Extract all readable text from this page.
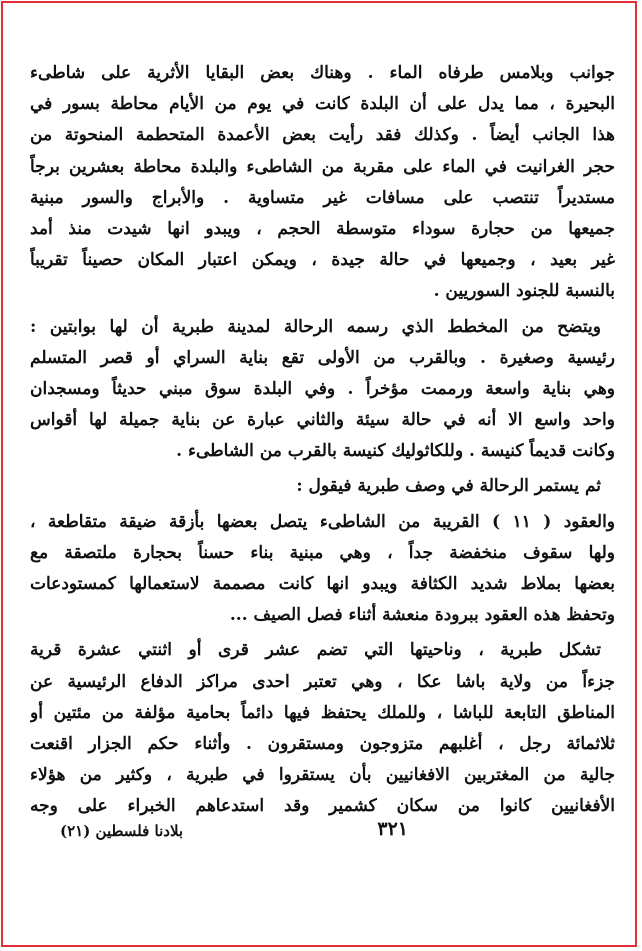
جوانب وبلامس طرفاه الماء . وهناك بعض البقايا الأثرية على شاطىء
البحيرة ، مما يدل على أن البلدة كانت في يوم من الأيام محاطة بسور في
هذا الجانب أيضاً . وكذلك فقد رأيت بعض الأعمدة المتحطمة المنحوتة من
حجر الغرانيت في الماء على مقربة من الشاطىء والبلدة محاطة بعشرين برجاً
مستديراً تنتصب على مسافات غير متساوية . والأبراج والسور مبنية
جميعها من حجارة سوداء متوسطة الحجم ، ويبدو انها شيدت منذ أمد
غير بعيد ، وجميعها في حالة جيدة ، ويمكن اعتبار المكان حصيناً تقريباً
بالنسبة للجنود السوريين .
ويتضح من المخطط الذي رسمه الرحالة لمدينة طبرية أن لها بوابتين :
رئيسية وصغيرة . وبالقرب من الأولى تقع بناية السراي أو قصر المتسلم
وهي بناية واسعة ورممت مؤخراً . وفي البلدة سوق مبني حديثاً ومسجدان
واحد واسع الا أنه في حالة سيئة والثاني عبارة عن بناية جميلة لها أقواس
وكانت قديماً كنيسة . وللكاثوليك كنيسة بالقرب من الشاطىء .
ثم يستمر الرحالة في وصف طبرية فيقول :
والعقود ( ١١ ) القريبة من الشاطىء يتصل بعضها بأزقة ضيقة متقاطعة ،
ولها سقوف منخفضة جداً ، وهي مبنية بناء حسناً بحجارة ملتصقة مع
بعضها بملاط شديد الكثافة ويبدو انها كانت مصممة لاستعمالها كمستودعات
وتحفظ هذه العقود ببرودة منعشة أثناء فصل الصيف ...
تشكل طبرية ، وناحيتها التي تضم عشر قرى أو اثنتي عشرة قرية
جزءاً من ولاية باشا عكا ، وهي تعتبر احدى مراكز الدفاع الرئيسية عن
المناطق التابعة للباشا ، وللملك يحتفظ فيها دائماً بحامية مؤلفة من مئتين أو
ثلاثمائة رجل ، أغلبهم متزوجون ومستقرون . وأثناء حكم الجزار اقنعت
جالية من المغتربين الافغانيين بأن يستقروا في طبرية ، وكثير من هؤلاء
الأفغانيين كانوا من سكان كشمير وقد استدعاهم الخبراء على وجه
٣٢١
بلادنا فلسطين (٢١)
